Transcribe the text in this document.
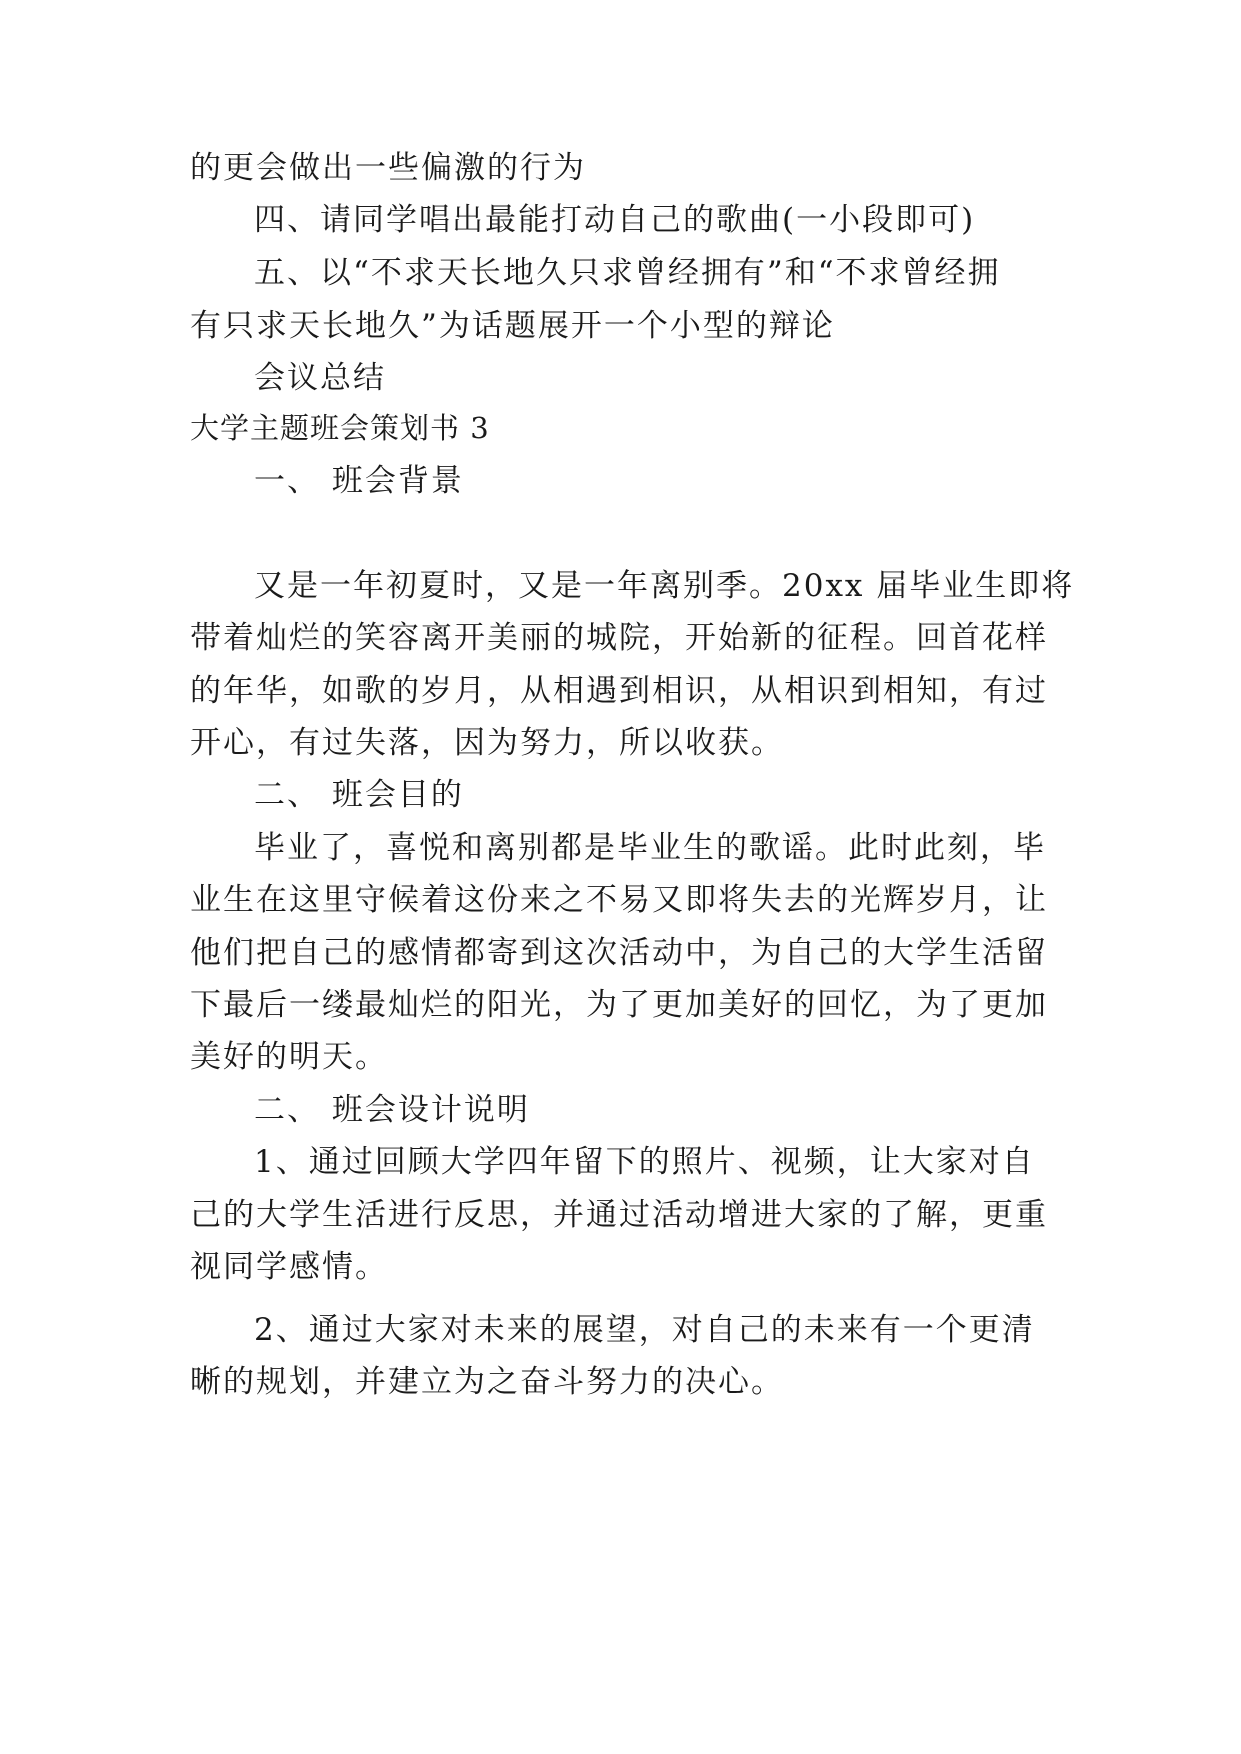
的更会做出一些偏激的行为
四、请同学唱出最能打动自己的歌曲(一小段即可)
五、以“不求天长地久只求曾经拥有”和“不求曾经拥
有只求天长地久”为话题展开一个小型的辩论
会议总结
大学主题班会策划书 3
一、 班会背景
又是一年初夏时，又是一年离别季。20xx 届毕业生即将
带着灿烂的笑容离开美丽的城院，开始新的征程。回首花样
的年华，如歌的岁月，从相遇到相识，从相识到相知，有过
开心，有过失落，因为努力，所以收获。
二、 班会目的
毕业了，喜悦和离别都是毕业生的歌谣。此时此刻，毕
业生在这里守候着这份来之不易又即将失去的光辉岁月，让
他们把自己的感情都寄到这次活动中，为自己的大学生活留
下最后一缕最灿烂的阳光，为了更加美好的回忆，为了更加
美好的明天。
二、 班会设计说明
1、通过回顾大学四年留下的照片、视频，让大家对自
己的大学生活进行反思，并通过活动增进大家的了解，更重
视同学感情。
2、通过大家对未来的展望，对自己的未来有一个更清
晰的规划，并建立为之奋斗努力的决心。
